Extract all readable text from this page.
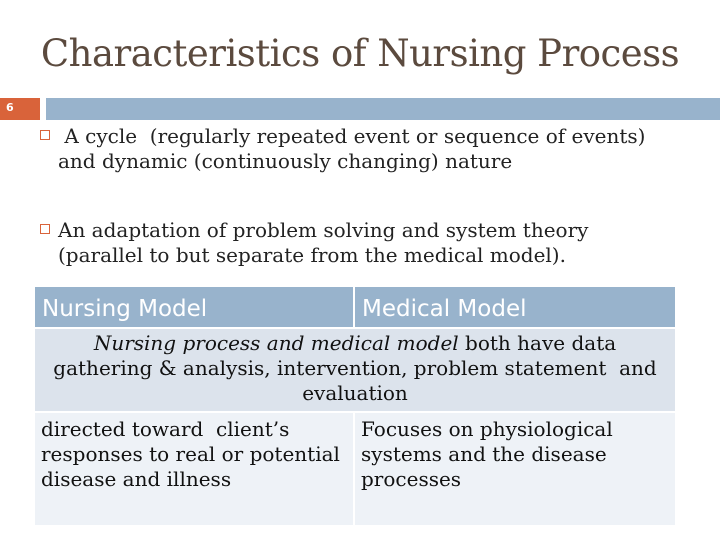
Characteristics of Nursing Process
6
A cycle  (regularly repeated event or sequence of events)
and dynamic (continuously changing) nature
An adaptation of problem solving and system theory
(parallel to but separate from the medical model).
Nursing Model	Medical Model
Nursing process and medical model both have data
gathering & analysis, intervention, problem statement  and
evaluation
directed toward  client’s
responses to real or potential
disease and illness
Focuses on physiological
systems and the disease
processes
